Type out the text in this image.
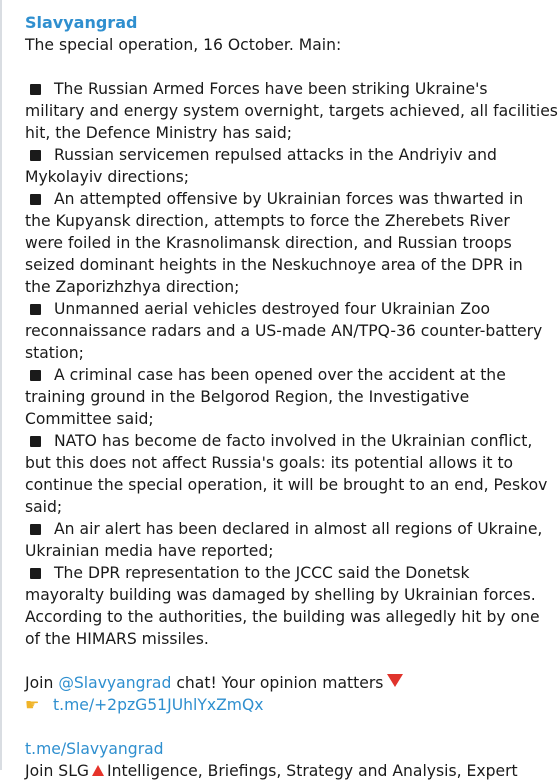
Slavyangrad
The special operation, 16 October. Main:
The Russian Armed Forces have been striking Ukraine's
military and energy system overnight, targets achieved, all facilities
hit, the Defence Ministry has said;
Russian servicemen repulsed attacks in the Andriyiv and
Mykolayiv directions;
An attempted offensive by Ukrainian forces was thwarted in
the Kupyansk direction, attempts to force the Zherebets River
were foiled in the Krasnolimansk direction, and Russian troops
seized dominant heights in the Neskuchnoye area of the DPR in
the Zaporizhzhya direction;
Unmanned aerial vehicles destroyed four Ukrainian Zoo
reconnaissance radars and a US-made AN/TPQ-36 counter-battery
station;
A criminal case has been opened over the accident at the
training ground in the Belgorod Region, the Investigative
Committee said;
NATO has become de facto involved in the Ukrainian conflict,
but this does not affect Russia's goals: its potential allows it to
continue the special operation, it will be brought to an end, Peskov
said;
An air alert has been declared in almost all regions of Ukraine,
Ukrainian media have reported;
The DPR representation to the JCCC said the Donetsk
mayoralty building was damaged by shelling by Ukrainian forces.
According to the authorities, the building was allegedly hit by one
of the HIMARS missiles.
Join @Slavyangrad chat! Your opinion matters
☛ t.me/+2pzG51JUhlYxZmQx
t.me/Slavyangrad
Join SLG Intelligence, Briefings, Strategy and Analysis, Expert
